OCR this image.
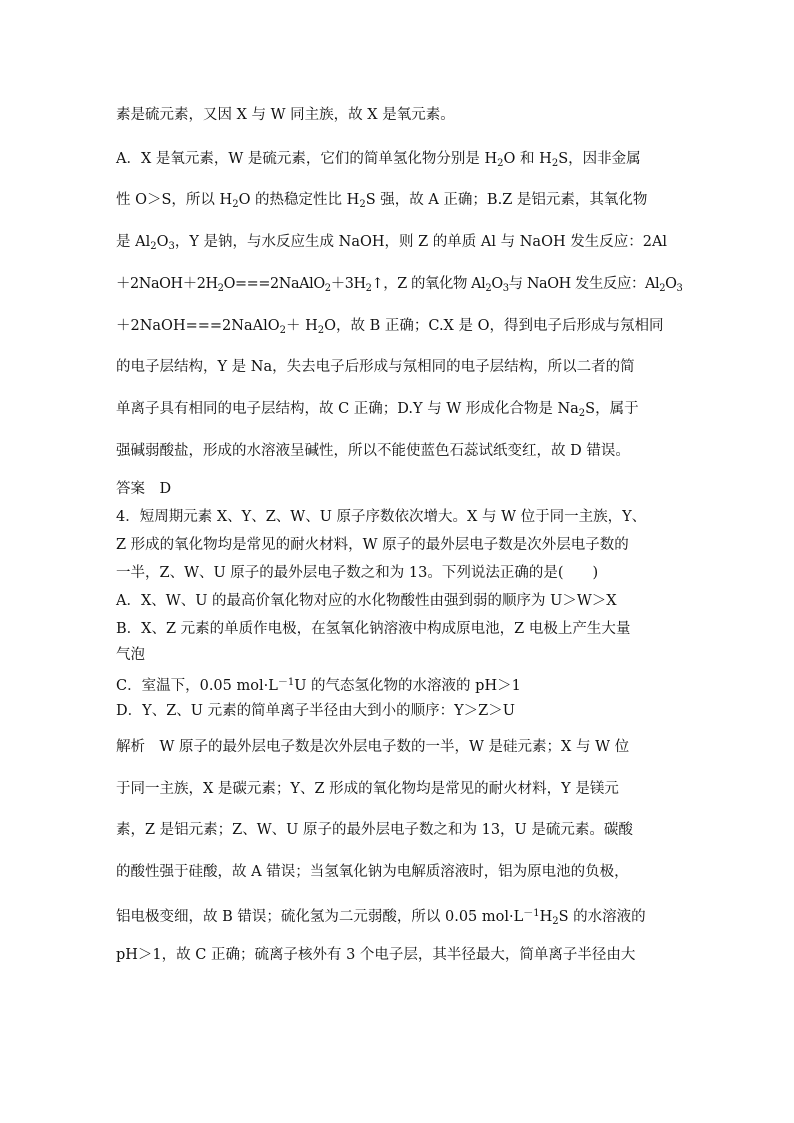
素是硫元素，又因 X 与 W 同主族，故 X 是氧元素。
A．X 是氧元素，W 是硫元素，它们的简单氢化物分别是 $H_2O$ 和 $H_2S$，因非金属
性 O＞S，所以 $H_2O$ 的热稳定性比 $H_2S$ 强，故 A 正确；B.Z 是铝元素，其氧化物
是 $Al_2O_3$，Y 是钠，与水反应生成 NaOH，则 Z 的单质 Al 与 NaOH 发生反应：2Al
$+2NaOH+2H_2O===2NaAlO_2+3H_2↑$，Z 的氧化物 $Al_2O_3$与 NaOH 发生反应：$Al_2O_3$
＋2NaOH===2NaAlO$_2$＋ $H_2O$，故 B 正确；C.X 是 O，得到电子后形成与氖相同
的电子层结构，Y 是 Na，失去电子后形成与氖相同的电子层结构，所以二者的简
单离子具有相同的电子层结构，故 C 正确；D.Y 与 W 形成化合物是 $Na_2S$，属于
强碱弱酸盐，形成的水溶液呈碱性，所以不能使蓝色石蕊试纸变红，故 D 错误。
答案　D
4．短周期元素 X、Y、Z、W、U 原子序数依次增大。X 与 W 位于同一主族，Y、
Z 形成的氧化物均是常见的耐火材料，W 原子的最外层电子数是次外层电子数的
一半，Z、W、U 原子的最外层电子数之和为 13。下列说法正确的是(　　)
A．X、W、U 的最高价氧化物对应的水化物酸性由强到弱的顺序为 U＞W＞X
B．X、Z 元素的单质作电极，在氢氧化钠溶液中构成原电池，Z 电极上产生大量
气泡
C．室温下，0.05 $mol\cdot L^{-1}U$ 的气态氢化物的水溶液的 pH＞1
D．Y、Z、U 元素的简单离子半径由大到小的顺序：Y＞Z＞U
解析　W 原子的最外层电子数是次外层电子数的一半，W 是硅元素；X 与 W 位
于同一主族，X 是碳元素；Y、Z 形成的氧化物均是常见的耐火材料，Y 是镁元
素，Z 是铝元素；Z、W、U 原子的最外层电子数之和为 13，U 是硫元素。碳酸
的酸性强于硅酸，故 A 错误；当氢氧化钠为电解质溶液时，铝为原电池的负极，
铝电极变细，故 B 错误；硫化氢为二元弱酸，所以 0.05 $mol\cdot L^{-1}H_2S$ 的水溶液的
pH＞1，故 C 正确；硫离子核外有 3 个电子层，其半径最大，简单离子半径由大
